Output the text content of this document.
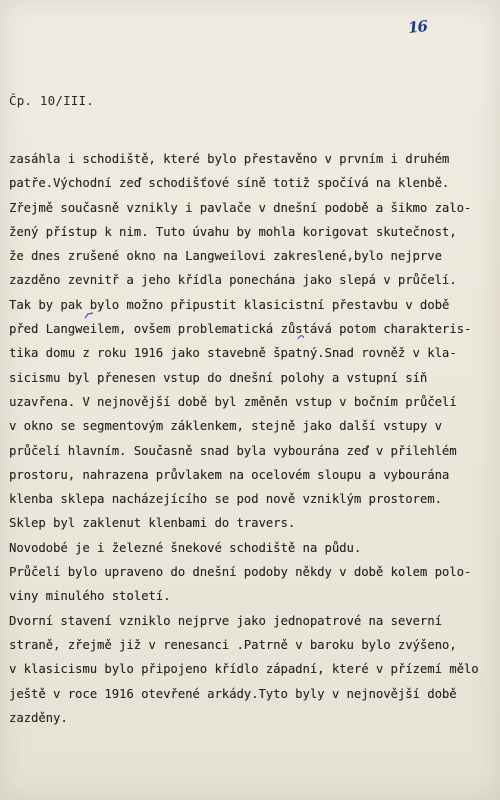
16
Čp. 10/III.
zasáhla i schodiště, které bylo přestavěno v prvním i druhém
patře.Východní zeď schodišťové síně totiž spočívá na klenbě.
Zřejmě současně vznikly i pavlače v dnešní podobě a šikmo zalo-
žený přístup k nim. Tuto úvahu by mohla korigovat skutečnost,
že dnes zrušené okno na Langweilovi zakreslené,bylo nejprve
zazděno zevnitř a jeho křídla ponechána jako slepá v průčelí.
Tak by pak bylo možno připustit klasicistní přestavbu v době
před Langweilem, ovšem problematická zůstává potom charakteris-
tika domu z roku 1916 jako stavebně špatný.Snad rovněž v kla-
sicismu byl přenesen vstup do dnešní polohy a vstupní síň
uzavřena. V nejnovější době byl změněn vstup v bočním průčelí
v okno se segmentovým záklenkem, stejně jako další vstupy v
průčelí hlavním. Současně snad byla vybourána zeď v přilehlém
prostoru, nahrazena průvlakem na ocelovém sloupu a vybourána
klenba sklepa nacházejícího se pod nově vzniklým prostorem.
Sklep byl zaklenut klenbami do travers.
Novodobé je i železné šnekové schodiště na půdu.
Průčelí bylo upraveno do dnešní podoby někdy v době kolem polo-
viny minulého století.
Dvorní stavení vzniklo nejprve jako jednopatrové na severní
straně, zřejmě již v renesanci .Patrně v baroku bylo zvýšeno,
v klasicismu bylo připojeno křídlo západní, které v přízemí mělo
ještě v roce 1916 otevřené arkády.Tyto byly v nejnovější době
zazděny.
